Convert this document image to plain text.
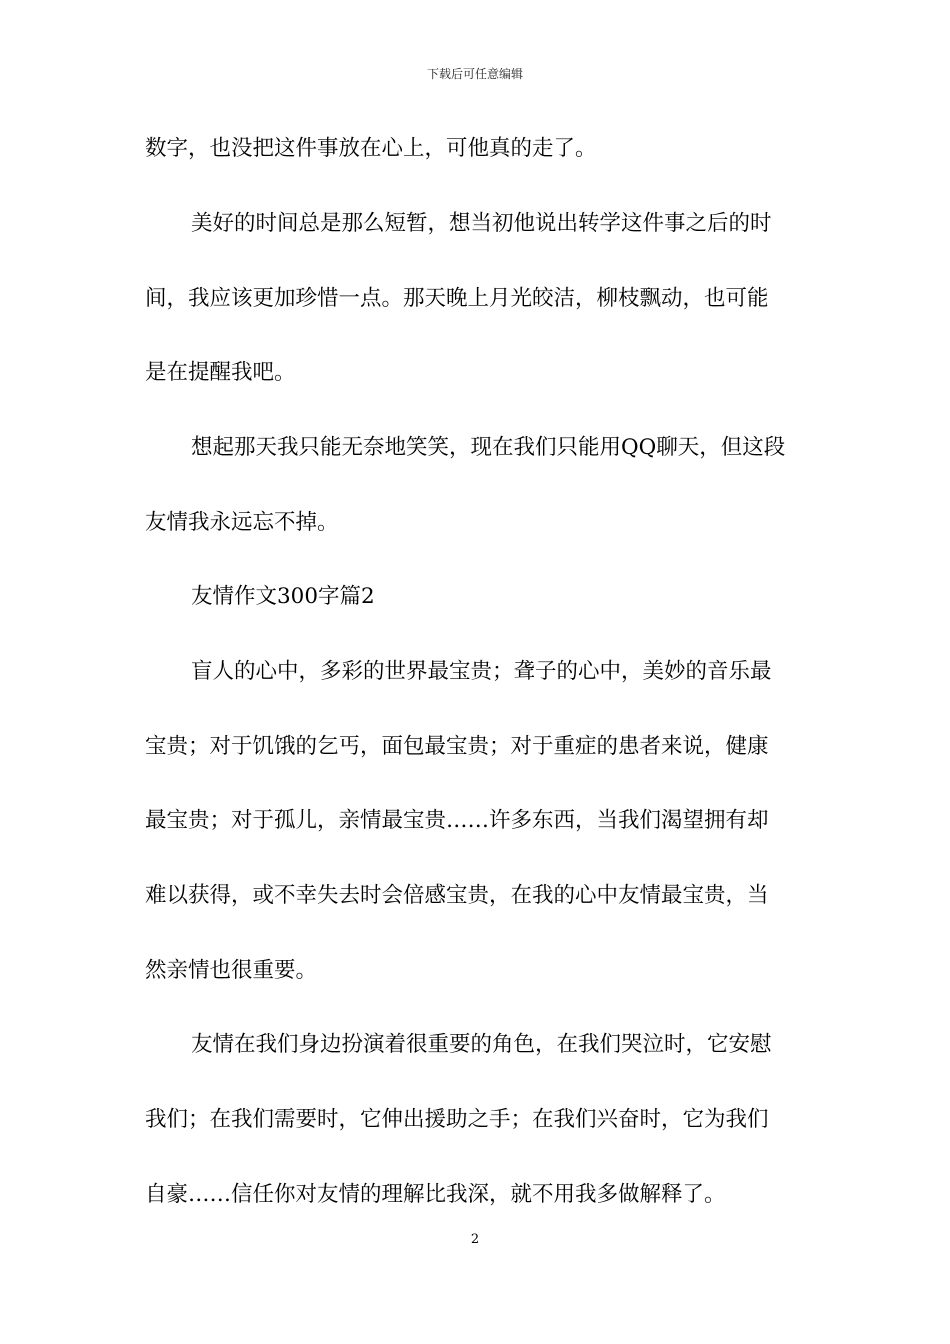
下载后可任意编辑
数字，也没把这件事放在心上，可他真的走了。
美好的时间总是那么短暂，想当初他说出转学这件事之后的时
间，我应该更加珍惜一点。那天晚上月光皎洁，柳枝飘动，也可能
是在提醒我吧。
想起那天我只能无奈地笑笑，现在我们只能用QQ聊天，但这段
友情我永远忘不掉。
友情作文300字篇2
盲人的心中，多彩的世界最宝贵；聋子的心中，美妙的音乐最
宝贵；对于饥饿的乞丐，面包最宝贵；对于重症的患者来说，健康
最宝贵；对于孤儿，亲情最宝贵……许多东西，当我们渴望拥有却
难以获得，或不幸失去时会倍感宝贵，在我的心中友情最宝贵，当
然亲情也很重要。
友情在我们身边扮演着很重要的角色，在我们哭泣时，它安慰
我们；在我们需要时，它伸出援助之手；在我们兴奋时，它为我们
自豪……信任你对友情的理解比我深，就不用我多做解释了。
2
